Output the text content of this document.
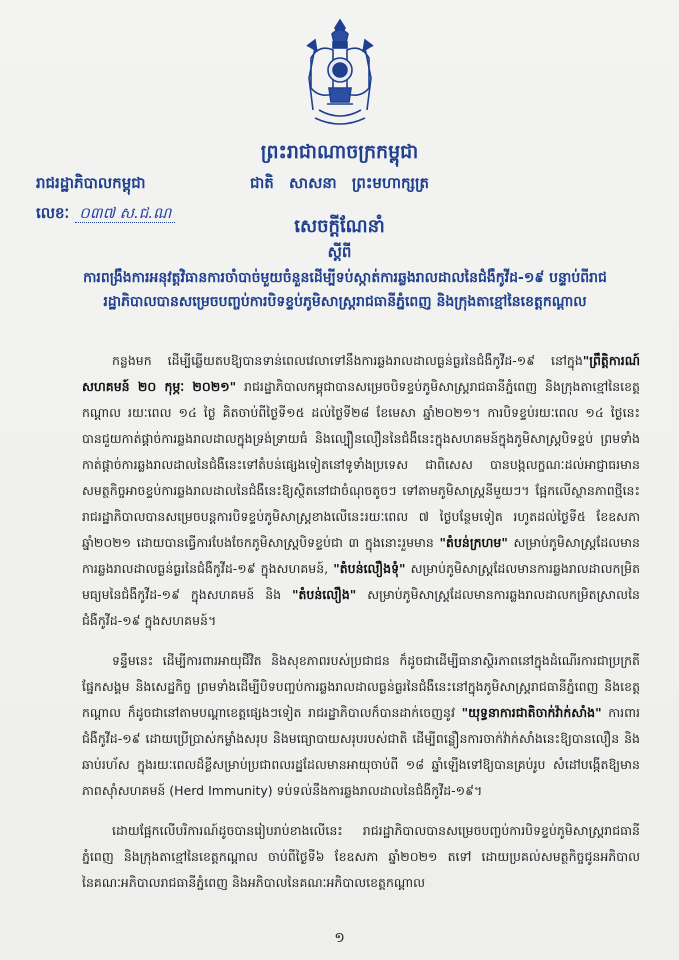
ព្រះរាជាណាចក្រកម្ពុជា
ជាតិ សាសនា ព្រះមហាក្សត្រ
រាជរដ្ឋាភិបាលកម្ពុជា
លេខៈ ០៣៧ ស.ជ.ណ
សេចក្តីណែនាំ
ស្តីពី
ការពង្រឹងការអនុវត្តវិធានការចាំបាច់មួយចំនួនដើម្បីទប់ស្កាត់ការឆ្លងរាលដាលនៃជំងឺកូវីដ-១៩ បន្ទាប់ពីរាជរដ្ឋាភិបាលបានសម្រេចបញ្ចប់ការបិទខ្ទប់ភូមិសាស្ត្ររាជធានីភ្នំពេញ និងក្រុងតាខ្មៅនៃខេត្តកណ្ដាល

កន្លងមក ដើម្បីឆ្លើយតបឱ្យបានទាន់ពេលវេលាទៅនឹងការឆ្លងរាលដាលធ្ងន់ធ្ងរនៃជំងឺកូវីដ-១៩ នៅក្នុង"ព្រឹត្តិការណ៍សហគមន៍ ២០ កុម្ភៈ ២០២១" រាជរដ្ឋាភិបាលកម្ពុជាបានសម្រេចបិទខ្ទប់ភូមិសាស្ត្ររាជធានីភ្នំពេញ និងក្រុងតាខ្មៅនៃខេត្តកណ្ដាល រយៈពេល ១៤ ថ្ងៃ គិតចាប់ពីថ្ងៃទី១៥ ដល់ថ្ងៃទី២៨ ខែមេសា ឆ្នាំ២០២១។ ការបិទខ្ទប់រយៈពេល ១៤ ថ្ងៃនេះ បានជួយកាត់ផ្តាច់ការឆ្លងរាលដាលក្នុងទ្រង់ទ្រាយធំ និងល្បឿនលឿននៃជំងឺនេះក្នុងសហគមន៍ក្នុងភូមិសាស្ត្របិទខ្ទប់ ព្រមទាំងកាត់ផ្តាច់ការឆ្លងរាលដាលនៃជំងឺនេះទៅតំបន់ផ្សេងទៀតនៅទូទាំងប្រទេស ជាពិសេស បានបង្កលក្ខណៈដល់អាជ្ញាធរមានសមត្ថកិច្ចអាចខ្ទប់ការឆ្លងរាលដាលនៃជំងឺនេះឱ្យស្ថិតនៅជាចំណុចតូចៗ ទៅតាមភូមិសាស្ត្រនីមួយៗ។ ផ្អែកលើស្ថានភាពថ្មីនេះ រាជរដ្ឋាភិបាលបានសម្រេចបន្តការបិទខ្ទប់ភូមិសាស្ត្រខាងលើនេះរយៈពេល ៧ ថ្ងៃបន្ថែមទៀត រហូតដល់ថ្ងៃទី៥ ខែឧសភា ឆ្នាំ២០២១ ដោយបានធ្វើការបែងចែកភូមិសាស្ត្របិទខ្ទប់ជា ៣ ក្នុងនោះរួមមាន "តំបន់ក្រហម" សម្រាប់ភូមិសាស្ត្រដែលមានការឆ្លងរាលដាលធ្ងន់ធ្ងរនៃជំងឺកូវីដ-១៩ ក្នុងសហគមន៍, "តំបន់លឿងទុំ" សម្រាប់ភូមិសាស្ត្រដែលមានការឆ្លងរាលដាលកម្រិតមធ្យមនៃជំងឺកូវីដ-១៩ ក្នុងសហគមន៍ និង "តំបន់លឿង" សម្រាប់ភូមិសាស្ត្រដែលមានការឆ្លងរាលដាលកម្រិតស្រាលនៃជំងឺកូវីដ-១៩ ក្នុងសហគមន៍។

ទន្ទឹមនេះ ដើម្បីការពារអាយុជីវិត និងសុខភាពរបស់ប្រជាជន ក៏ដូចជាដើម្បីធានាស្ថិរភាពនៅក្នុងដំណើរការជាប្រក្រតីផ្នែកសង្គម និងសេដ្ឋកិច្ច ព្រមទាំងដើម្បីបិទបញ្ចប់ការឆ្លងរាលដាលធ្ងន់ធ្ងរនៃជំងឺនេះនៅក្នុងភូមិសាស្ត្ររាជធានីភ្នំពេញ និងខេត្តកណ្ដាល ក៏ដូចជានៅតាមបណ្ដាខេត្តផ្សេងៗទៀត រាជរដ្ឋាភិបាលក៏បានដាក់ចេញនូវ "យុទ្ធនាការជាតិចាក់វ៉ាក់សាំង" ការពារជំងឺកូវីដ-១៩ ដោយប្រើប្រាស់កម្លាំងសរុប និងមធ្យោបាយសរុបរបស់ជាតិ ដើម្បីពន្លឿនការចាក់វ៉ាក់សាំងនេះឱ្យបានលឿន និងឆាប់រហ័ស ក្នុងរយៈពេលដ៏ខ្លីសម្រាប់ប្រជាពលរដ្ឋដែលមានអាយុចាប់ពី ១៨ ឆ្នាំឡើងទៅឱ្យបានគ្រប់រូប សំដៅបង្កើតឱ្យមានភាពស៊ាំសហគមន៍ (Herd Immunity) ទប់ទល់នឹងការឆ្លងរាលដាលនៃជំងឺកូវីដ-១៩។

ដោយផ្អែកលើបរិការណ៍ដូចបានរៀបរាប់ខាងលើនេះ រាជរដ្ឋាភិបាលបានសម្រេចបញ្ចប់ការបិទខ្ទប់ភូមិសាស្ត្ររាជធានីភ្នំពេញ និងក្រុងតាខ្មៅនៃខេត្តកណ្ដាល ចាប់ពីថ្ងៃទី៦ ខែឧសភា ឆ្នាំ២០២១ តទៅ ដោយប្រគល់សមត្ថកិច្ចជូនអភិបាលនៃគណៈអភិបាលរាជធានីភ្នំពេញ និងអភិបាលនៃគណៈអភិបាលខេត្តកណ្ដាល

១
